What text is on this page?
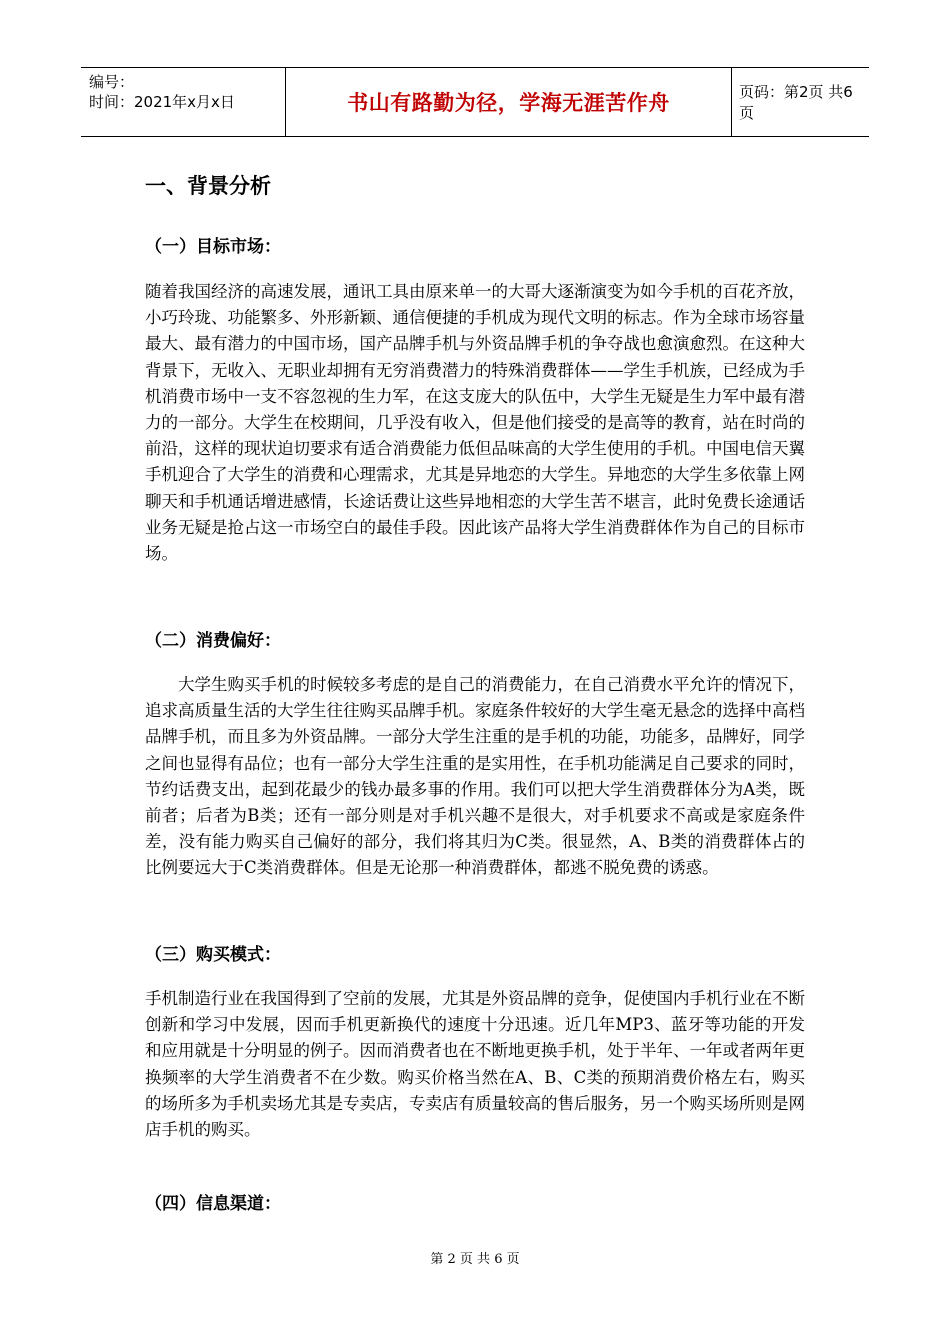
编号：
时间：2021年x月x日	书山有路勤为径，学海无涯苦作舟	页码：第2页 共6页
一、背景分析
（一）目标市场：
随着我国经济的高速发展，通讯工具由原来单一的大哥大逐渐演变为如今手机的百花齐放，小巧玲珑、功能繁多、外形新颖、通信便捷的手机成为现代文明的标志。作为全球市场容量最大、最有潜力的中国市场，国产品牌手机与外资品牌手机的争夺战也愈演愈烈。在这种大背景下，无收入、无职业却拥有无穷消费潜力的特殊消费群体——学生手机族，已经成为手机消费市场中一支不容忽视的生力军，在这支庞大的队伍中，大学生无疑是生力军中最有潜力的一部分。大学生在校期间，几乎没有收入，但是他们接受的是高等的教育，站在时尚的前沿，这样的现状迫切要求有适合消费能力低但品味高的大学生使用的手机。中国电信天翼手机迎合了大学生的消费和心理需求，尤其是异地恋的大学生。异地恋的大学生多依靠上网聊天和手机通话增进感情，长途话费让这些异地相恋的大学生苦不堪言，此时免费长途通话业务无疑是抢占这一市场空白的最佳手段。因此该产品将大学生消费群体作为自己的目标市场。
（二）消费偏好：
大学生购买手机的时候较多考虑的是自己的消费能力，在自己消费水平允许的情况下，追求高质量生活的大学生往往购买品牌手机。家庭条件较好的大学生毫无悬念的选择中高档品牌手机，而且多为外资品牌。一部分大学生注重的是手机的功能，功能多，品牌好，同学之间也显得有品位；也有一部分大学生注重的是实用性，在手机功能满足自己要求的同时，节约话费支出，起到花最少的钱办最多事的作用。我们可以把大学生消费群体分为A类，既前者；后者为B类；还有一部分则是对手机兴趣不是很大，对手机要求不高或是家庭条件差，没有能力购买自己偏好的部分，我们将其归为C类。很显然，A、B类的消费群体占的比例要远大于C类消费群体。但是无论那一种消费群体，都逃不脱免费的诱惑。
（三）购买模式：
手机制造行业在我国得到了空前的发展，尤其是外资品牌的竞争，促使国内手机行业在不断创新和学习中发展，因而手机更新换代的速度十分迅速。近几年MP3、蓝牙等功能的开发和应用就是十分明显的例子。因而消费者也在不断地更换手机，处于半年、一年或者两年更换频率的大学生消费者不在少数。购买价格当然在A、B、C类的预期消费价格左右，购买的场所多为手机卖场尤其是专卖店，专卖店有质量较高的售后服务，另一个购买场所则是网店手机的购买。
（四）信息渠道：
第 2 页 共 6 页
